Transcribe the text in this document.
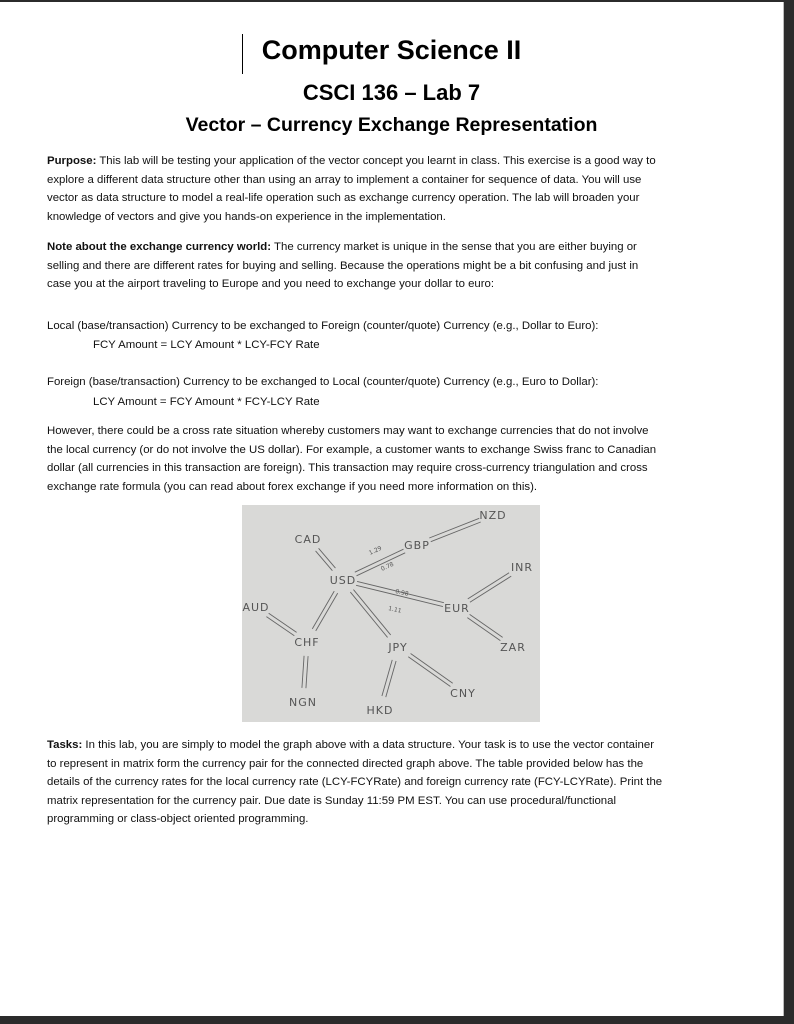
Computer Science II
CSCI 136 – Lab 7
Vector – Currency Exchange Representation
Purpose: This lab will be testing your application of the vector concept you learnt in class. This exercise is a good way to
explore a different data structure other than using an array to implement a container for sequence of data. You will use
vector as data structure to model a real-life operation such as exchange currency operation. The lab will broaden your
knowledge of vectors and give you hands-on experience in the implementation.
Note about the exchange currency world: The currency market is unique in the sense that you are either buying or
selling and there are different rates for buying and selling. Because the operations might be a bit confusing and just in
case you at the airport traveling to Europe and you need to exchange your dollar to euro:
Local (base/transaction) Currency to be exchanged to Foreign (counter/quote) Currency (e.g., Dollar to Euro):
FCY Amount = LCY Amount * LCY-FCY Rate
Foreign (base/transaction) Currency to be exchanged to Local (counter/quote) Currency (e.g., Euro to Dollar):
LCY Amount = FCY Amount * FCY-LCY Rate
However, there could be a cross rate situation whereby customers may want to exchange currencies that do not involve
the local currency (or do not involve the US dollar). For example, a customer wants to exchange Swiss franc to Canadian
dollar (all currencies in this transaction are foreign). This transaction may require cross-currency triangulation and cross
exchange rate formula (you can read about forex exchange if you need more information on this).
CAD	GBP
NZD
USD
INR
EUR
AUD
CHF	JPY	ZAR
NGN
HKD
CNY
1.29
0.78
0.98
1.11
Tasks: In this lab, you are simply to model the graph above with a data structure. Your task is to use the vector container
to represent in matrix form the currency pair for the connected directed graph above. The table provided below has the
details of the currency rates for the local currency rate (LCY-FCYRate) and foreign currency rate (FCY-LCYRate). Print the
matrix representation for the currency pair. Due date is Sunday 11:59 PM EST. You can use procedural/functional
programming or class-object oriented programming.
